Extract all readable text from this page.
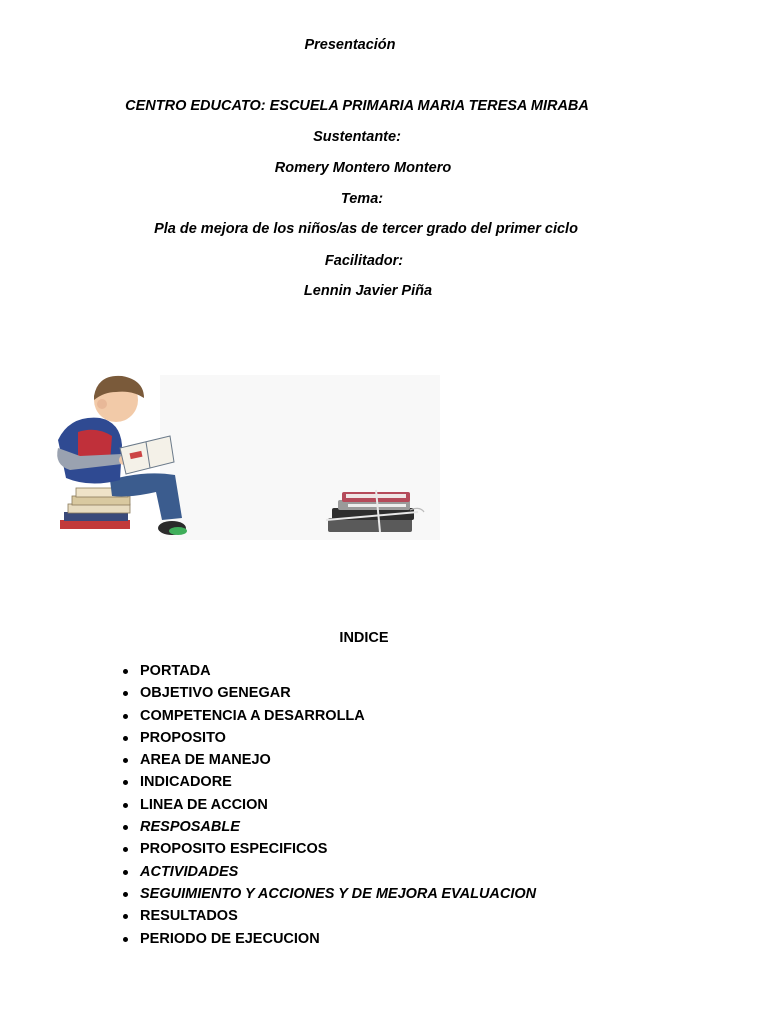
Presentación
CENTRO EDUCATO: ESCUELA PRIMARIA MARIA TERESA MIRABA
Sustentante:
Romery Montero Montero
Tema:
Pla de mejora de los niños/as de tercer grado del primer ciclo
Facilitador:
Lennin Javier Piña
INDICE
PORTADA
OBJETIVO GENEGAR
COMPETENCIA A DESARROLLA
PROPOSITO
AREA DE MANEJO
INDICADORE
LINEA DE ACCION
RESPOSABLE
PROPOSITO ESPECIFICOS
ACTIVIDADES
SEGUIMIENTO Y ACCIONES Y DE MEJORA EVALUACION
RESULTADOS
PERIODO DE EJECUCION
